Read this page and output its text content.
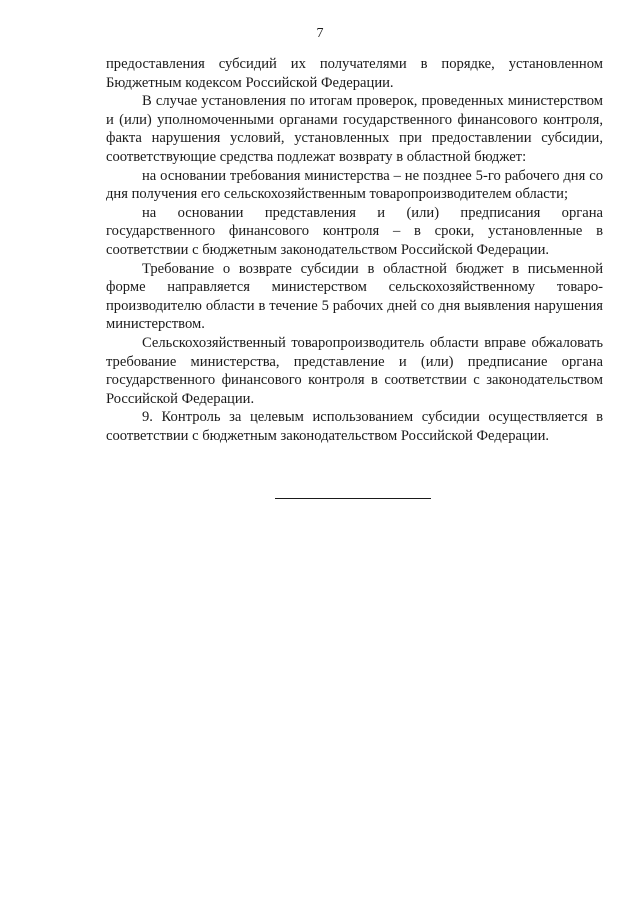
7

предоставления субсидий их получателями в порядке, установленном Бюджетным кодексом Российской Федерации.

В случае установления по итогам проверок, проведенных министерством и (или) уполномоченными органами государственного финансового контроля, факта нарушения условий, установленных при предоставлении субсидии, соответствующие средства подлежат возврату в областной бюджет:

на основании требования министерства – не позднее 5-го рабочего дня со дня получения его сельскохозяйственным товаропроизводителем области;

на основании представления и (или) предписания органа государственного финансового контроля – в сроки, установленные в соответствии с бюджетным законодательством Российской Федерации.

Требование о возврате субсидии в областной бюджет в письменной форме направляется министерством сельскохозяйственному товаро-производителю области в течение 5 рабочих дней со дня выявления нарушения министерством.

Сельскохозяйственный товаропроизводитель области вправе обжаловать требование министерства, представление и (или) предписание органа государственного финансового контроля в соответствии с законодательством Российской Федерации.

9. Контроль за целевым использованием субсидии осуществляется в соответствии с бюджетным законодательством Российской Федерации.
